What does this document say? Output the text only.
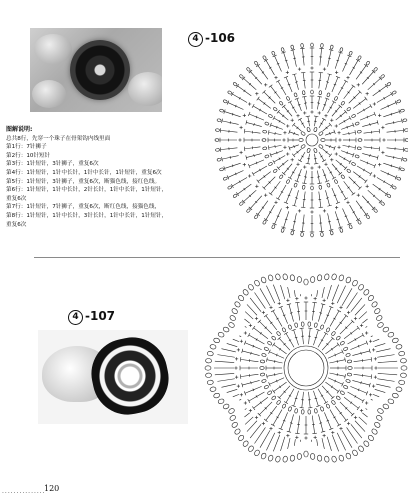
4 -106
图解说明:
总共8行，先穿一个珠子在骨架钩内线里面
第1行：7针狮子
第2行：10针短针
第3行：1针短针，3针狮子，重复6次
第4行：1针短针，1针中长针，1针中长针，1针短针，重复6次
第5行：1针短针，3针狮子，重复6次，断猫色线，接红色线。
第6行：1针短针，1针中长针，2针长针，1针中长针，1针短针，
重复6次
第7行：1针短针，7针狮子，重复6次，断红色线，接猫色线，
第8行：1针短针，1针中长针，3针长针，1针中长针，1针短针，
重复6次
4 -107
...............
120
